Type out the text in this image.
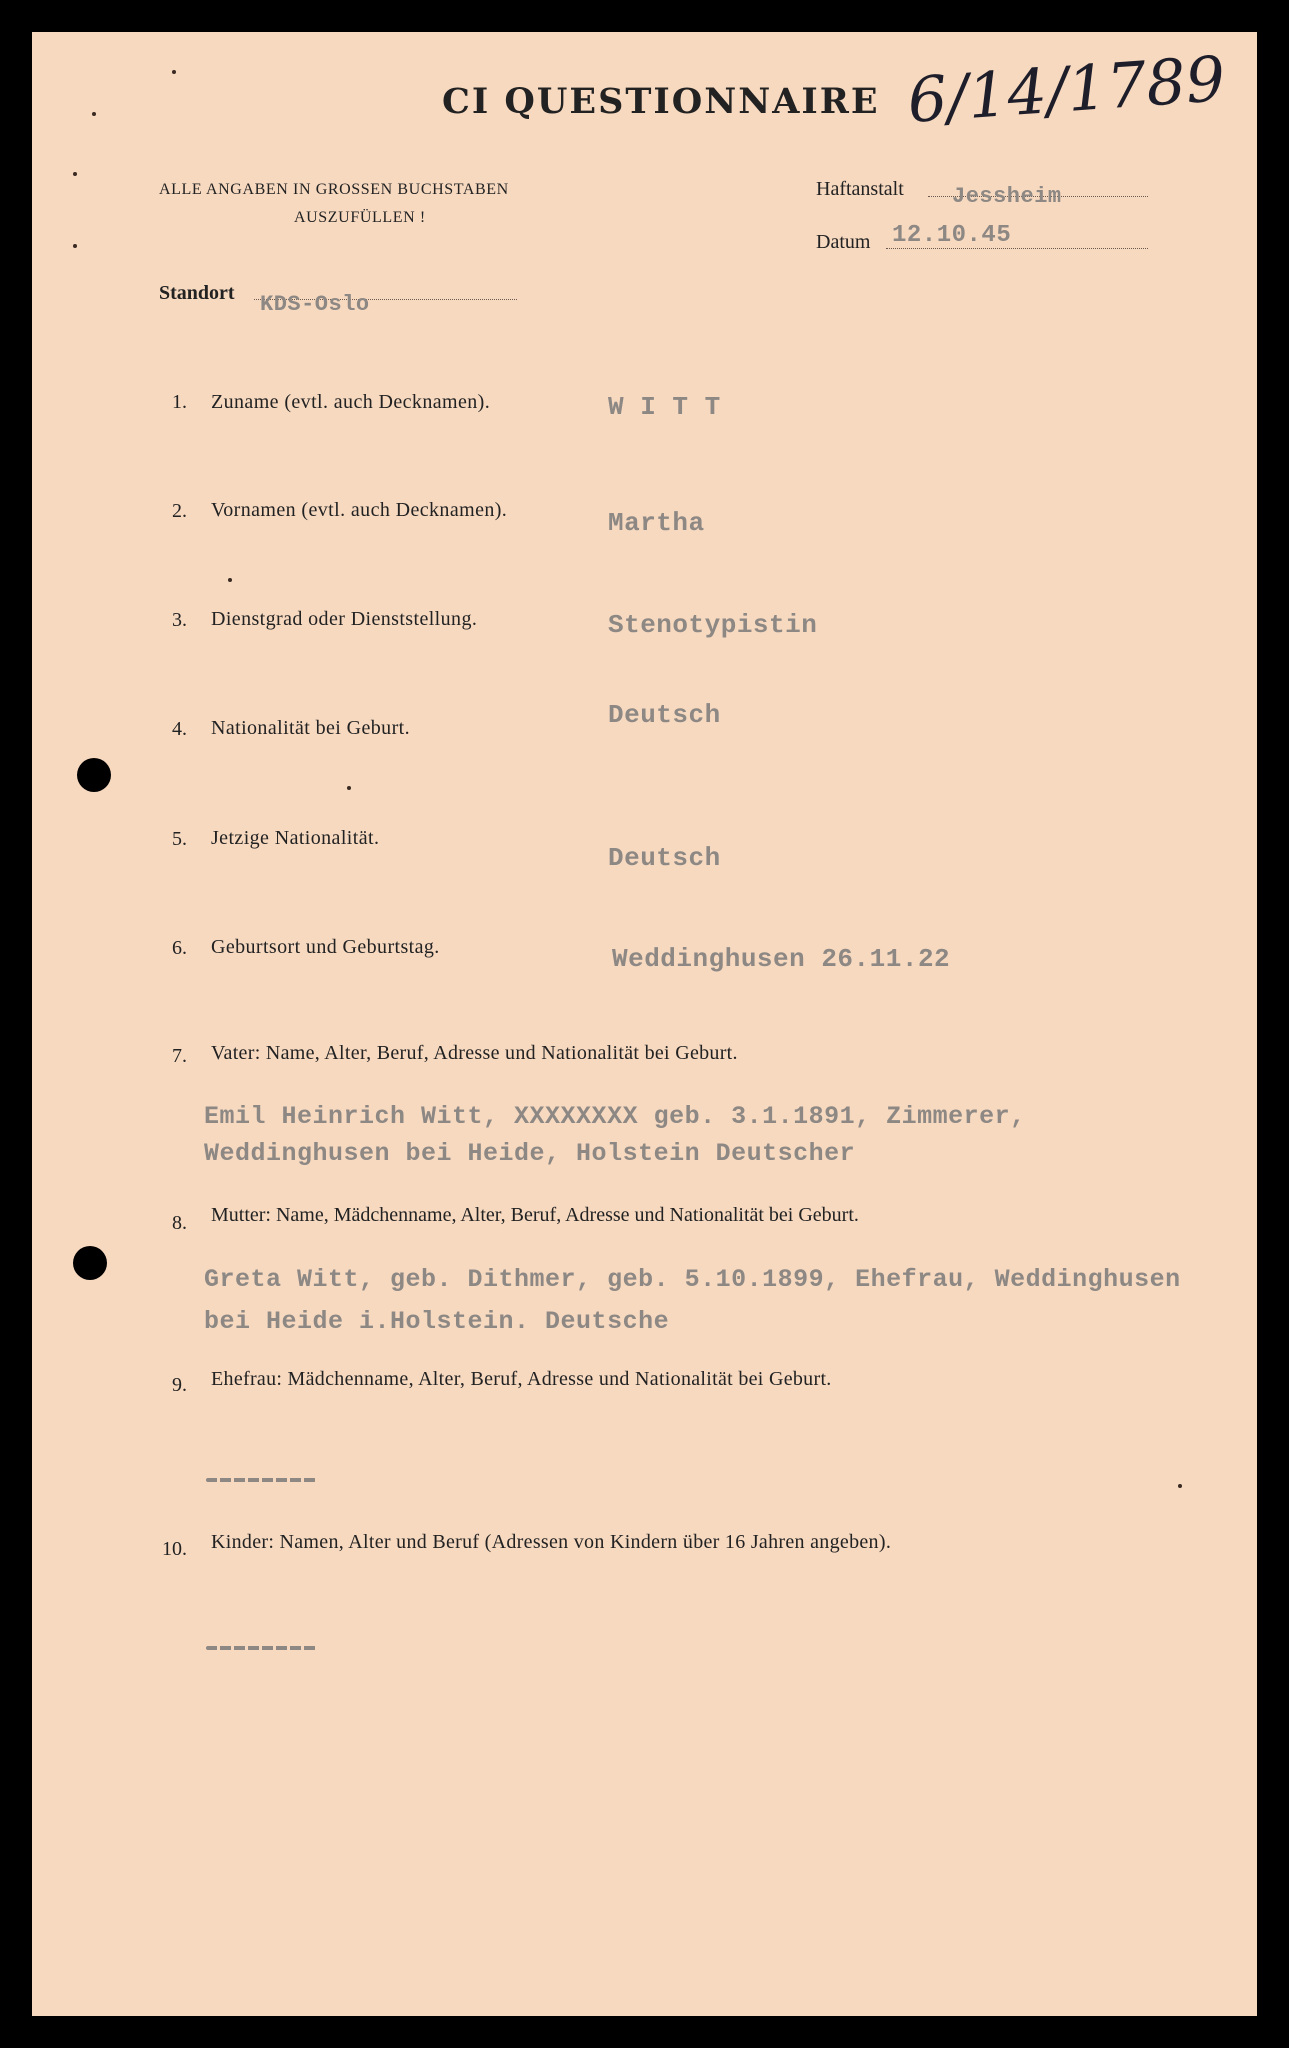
CI QUESTIONNAIRE 6/14/1789
ALLE ANGABEN IN GROSSEN BUCHSTABEN
AUSZUFÜLLEN !
Haftanstalt Jessheim
Datum 12.10.45
Standort KDS-Oslo
1. Zuname (evtl. auch Decknamen).	W I T T
2. Vornamen (evtl. auch Decknamen).	Martha
3. Dienstgrad oder Dienststellung.	Stenotypistin
4. Nationalität bei Geburt.	Deutsch
5. Jetzige Nationalität.
Deutsch
6. Geburtsort und Geburtstag.	Weddinghusen 26.11.22
7. Vater: Name, Alter, Beruf, Adresse und Nationalität bei Geburt.
Emil Heinrich Witt, XXXXXXXX geb. 3.1.1891, Zimmerer,
Weddinghusen bei Heide, Holstein Deutscher
8. Mutter: Name, Mädchenname, Alter, Beruf, Adresse und Nationalität bei Geburt.
Greta Witt, geb. Dithmer, geb. 5.10.1899, Ehefrau, Weddinghusen
bei Heide i.Holstein. Deutsche
9. Ehefrau: Mädchenname, Alter, Beruf, Adresse und Nationalität bei Geburt.
10. Kinder: Namen, Alter und Beruf (Adressen von Kindern über 16 Jahren angeben).
